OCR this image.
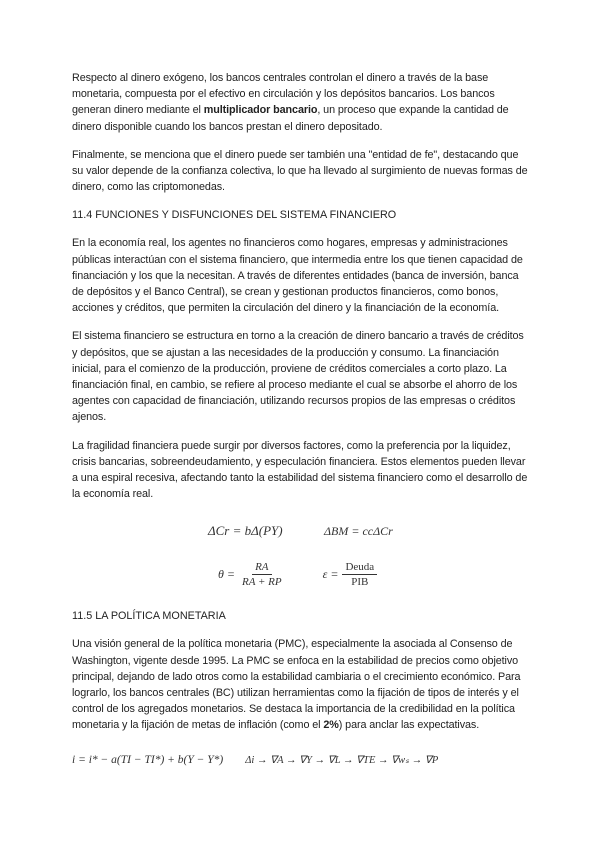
Respecto al dinero exógeno, los bancos centrales controlan el dinero a través de la base monetaria, compuesta por el efectivo en circulación y los depósitos bancarios. Los bancos generan dinero mediante el multiplicador bancario, un proceso que expande la cantidad de dinero disponible cuando los bancos prestan el dinero depositado.

Finalmente, se menciona que el dinero puede ser también una "entidad de fe", destacando que su valor depende de la confianza colectiva, lo que ha llevado al surgimiento de nuevas formas de dinero, como las criptomonedas.

11.4 FUNCIONES Y DISFUNCIONES DEL SISTEMA FINANCIERO

En la economía real, los agentes no financieros como hogares, empresas y administraciones públicas interactúan con el sistema financiero, que intermedia entre los que tienen capacidad de financiación y los que la necesitan. A través de diferentes entidades (banca de inversión, banca de depósitos y el Banco Central), se crean y gestionan productos financieros, como bonos, acciones y créditos, que permiten la circulación del dinero y la financiación de la economía.

El sistema financiero se estructura en torno a la creación de dinero bancario a través de créditos y depósitos, que se ajustan a las necesidades de la producción y consumo. La financiación inicial, para el comienzo de la producción, proviene de créditos comerciales a corto plazo. La financiación final, en cambio, se refiere al proceso mediante el cual se absorbe el ahorro de los agentes con capacidad de financiación, utilizando recursos propios de las empresas o créditos ajenos.

La fragilidad financiera puede surgir por diversos factores, como la preferencia por la liquidez, crisis bancarias, sobreendeudamiento, y especulación financiera. Estos elementos pueden llevar a una espiral recesiva, afectando tanto la estabilidad del sistema financiero como el desarrollo de la economía real.

ΔCr = bΔ(PY)	ΔBM = ccΔCr
$\theta = \frac{RA}{RA + RP}$	$\varepsilon = \frac{\text{Deuda}}{\text{PIB}}$
11.5 LA POLÍTICA MONETARIA

Una visión general de la política monetaria (PMC), especialmente la asociada al Consenso de Washington, vigente desde 1995. La PMC se enfoca en la estabilidad de precios como objetivo principal, dejando de lado otros como la estabilidad cambiaria o el crecimiento económico. Para lograrlo, los bancos centrales (BC) utilizan herramientas como la fijación de tipos de interés y el control de los agregados monetarios. Se destaca la importancia de la credibilidad en la política monetaria y la fijación de metas de inflación (como el 2%) para anclar las expectativas.

i = i* − a(TI − TI*) + b(Y − Y*) Δi → ∇A → ∇Y → ∇L → ∇TE → ∇wₛ → ∇P
